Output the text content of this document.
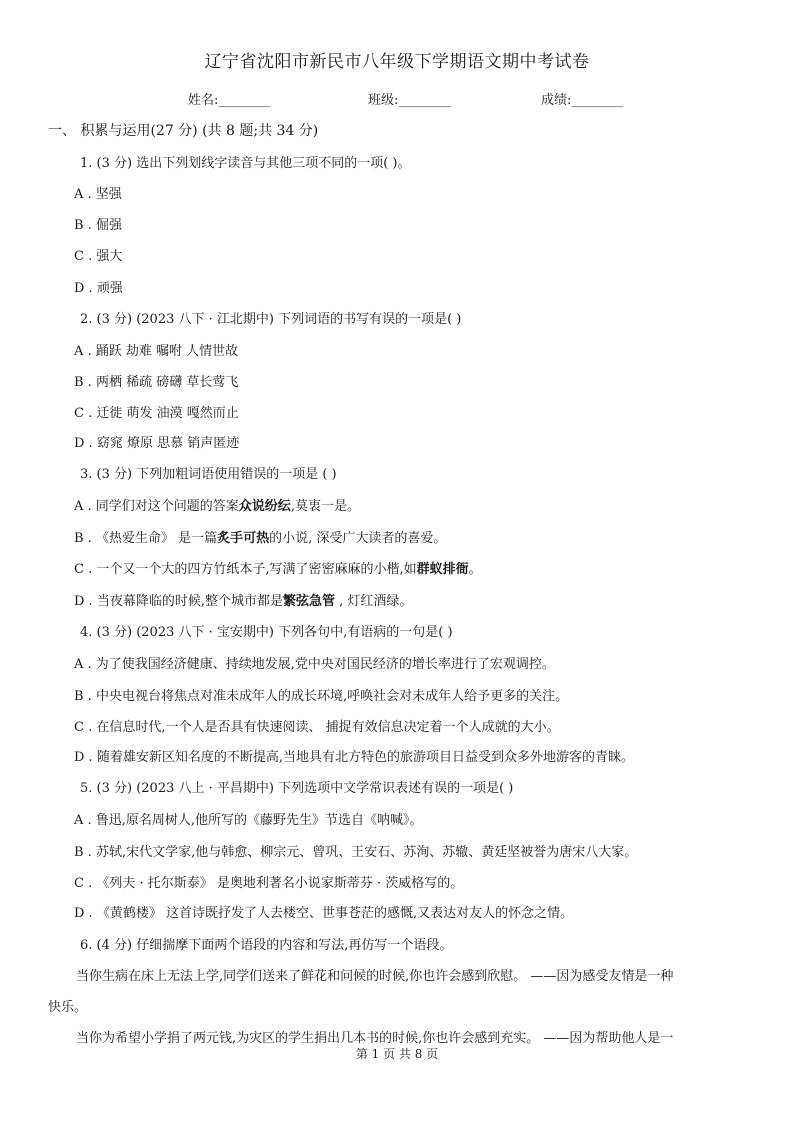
辽宁省沈阳市新民市八年级下学期语文期中考试卷
姓名:________	班级:________	成绩:________
一、 积累与运用(27 分) (共 8 题;共 34 分)
1. (3 分) 选出下列划线字读音与其他三项不同的一项( )。
A . 坚强
B . 倔强
C . 强大
D . 顽强
2. (3 分) (2023 八下 · 江北期中) 下列词语的书写有误的一项是( )
A . 踊跃 劫难 嘱咐 人情世故
B . 两栖 稀疏 磅礴 草长莺飞
C . 迁徙 萌发 油漠 嘎然而止
D . 窈窕 燎原 思慕 销声匿迹
3. (3 分) 下列加粗词语使用错误的一项是 ( )
A . 同学们对这个问题的答案众说纷纭,莫衷一是。
B . 《热爱生命》 是一篇炙手可热的小说, 深受广大读者的喜爱。
C . 一个又一个大的四方竹纸本子,写满了密密麻麻的小楷,如群蚁排衙。
D . 当夜幕降临的时候,整个城市都是繁弦急管 , 灯红酒绿。
4. (3 分) (2023 八下 · 宝安期中) 下列各句中,有语病的一句是( )
A . 为了使我国经济健康、持续地发展,党中央对国民经济的增长率进行了宏观调控。
B . 中央电视台将焦点对准未成年人的成长环境,呼唤社会对未成年人给予更多的关注。
C . 在信息时代,一个人是否具有快速阅读、 捕捉有效信息决定着一个人成就的大小。
D . 随着雄安新区知名度的不断提高,当地具有北方特色的旅游项目日益受到众多外地游客的青睐。
5. (3 分) (2023 八上 · 平昌期中) 下列选项中文学常识表述有误的一项是( )
A . 鲁迅,原名周树人,他所写的《藤野先生》节选自《呐喊》。
B . 苏轼,宋代文学家,他与韩愈、柳宗元、曾巩、王安石、苏洵、苏辙、黄廷坚被誉为唐宋八大家。
C . 《列夫 · 托尔斯泰》 是奥地利著名小说家斯蒂芬 · 茨威格写的。
D . 《黄鹤楼》 这首诗既抒发了人去楼空、世事苍茫的感慨,又表达对友人的怀念之情。
6. (4 分) 仔细揣摩下面两个语段的内容和写法,再仿写一个语段。
当你生病在床上无法上学,同学们送来了鲜花和问候的时候,你也许会感到欣慰。 ——因为感受友情是一种
快乐。
当你为希望小学捐了两元钱,为灾区的学生捐出几本书的时候,你也许会感到充实。 ——因为帮助他人是一
第 1 页 共 8 页
